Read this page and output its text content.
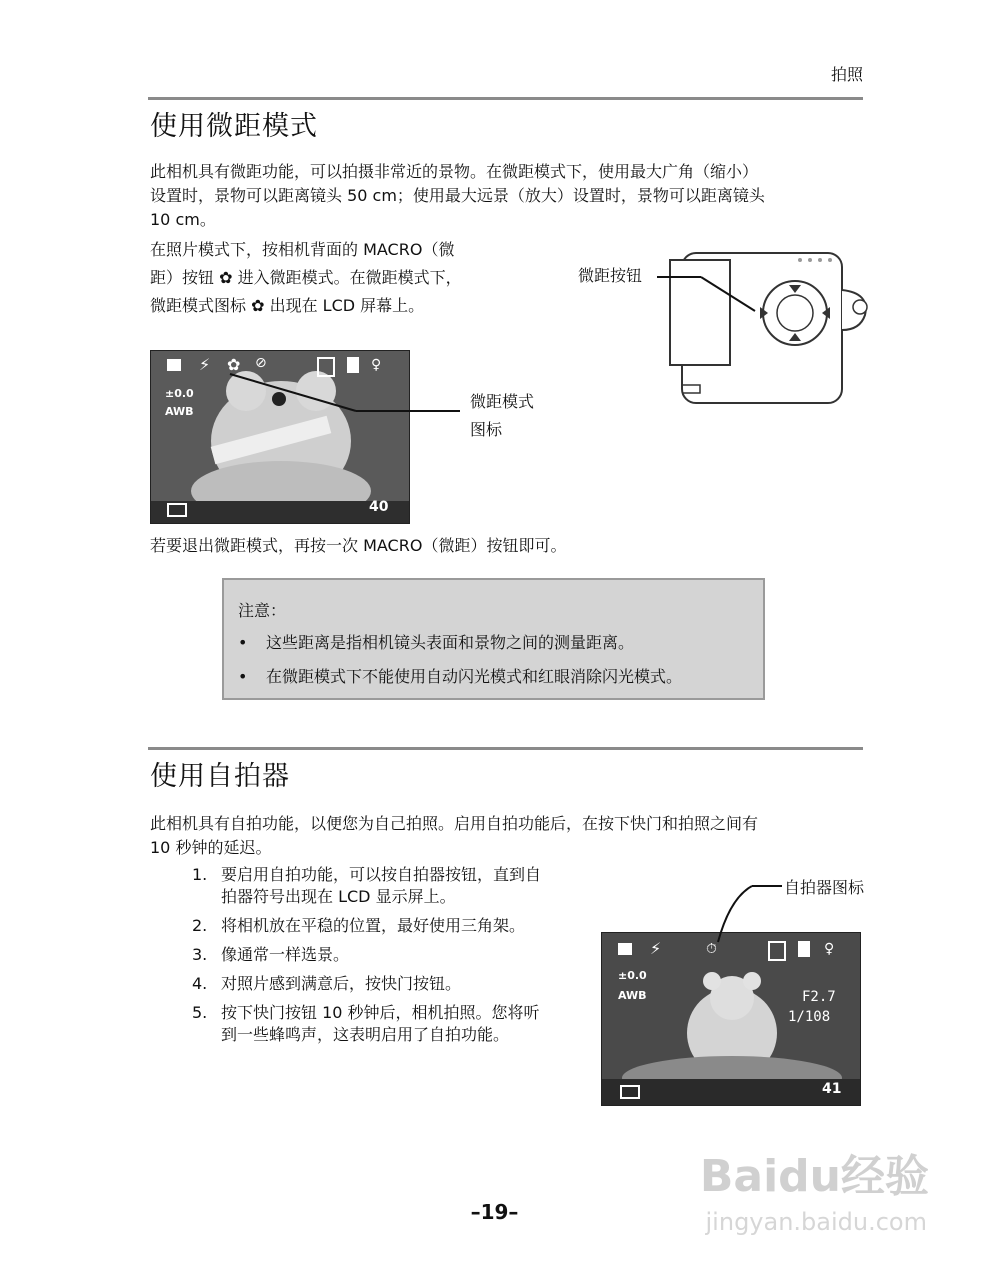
拍照
使用微距模式
此相机具有微距功能，可以拍摄非常近的景物。在微距模式下，使用最大广角（缩小）
设置时，景物可以距离镜头 50 cm；使用最大远景（放大）设置时，景物可以距离镜头
10 cm。
在照片模式下，按相机背面的 MACRO（微
距）按钮 ✿ 进入微距模式。在微距模式下，
微距模式图标 ✿ 出现在 LCD 屏幕上。
微距按钮
⚡ ✿ ⊘	♀
±0.0
AWB
40
微距模式
图标
若要退出微距模式，再按一次 MACRO（微距）按钮即可。
注意：
• 这些距离是指相机镜头表面和景物之间的测量距离。
• 在微距模式下不能使用自动闪光模式和红眼消除闪光模式。
使用自拍器
此相机具有自拍功能，以便您为自己拍照。启用自拍功能后，在按下快门和拍照之间有
10 秒钟的延迟。
1. 要启用自拍功能，可以按自拍器按钮，直到自
拍器符号出现在 LCD 显示屏上。
2. 将相机放在平稳的位置，最好使用三角架。
3. 像通常一样选景。
4. 对照片感到满意后，按快门按钮。
5. 按下快门按钮 10 秒钟后，相机拍照。您将听
到一些蜂鸣声，这表明启用了自拍功能。
⚡	⏱	♀
±0.0
AWB	F2.7
1/108
41
自拍器图标
–19–
Baidu经验
jingyan.baidu.com
